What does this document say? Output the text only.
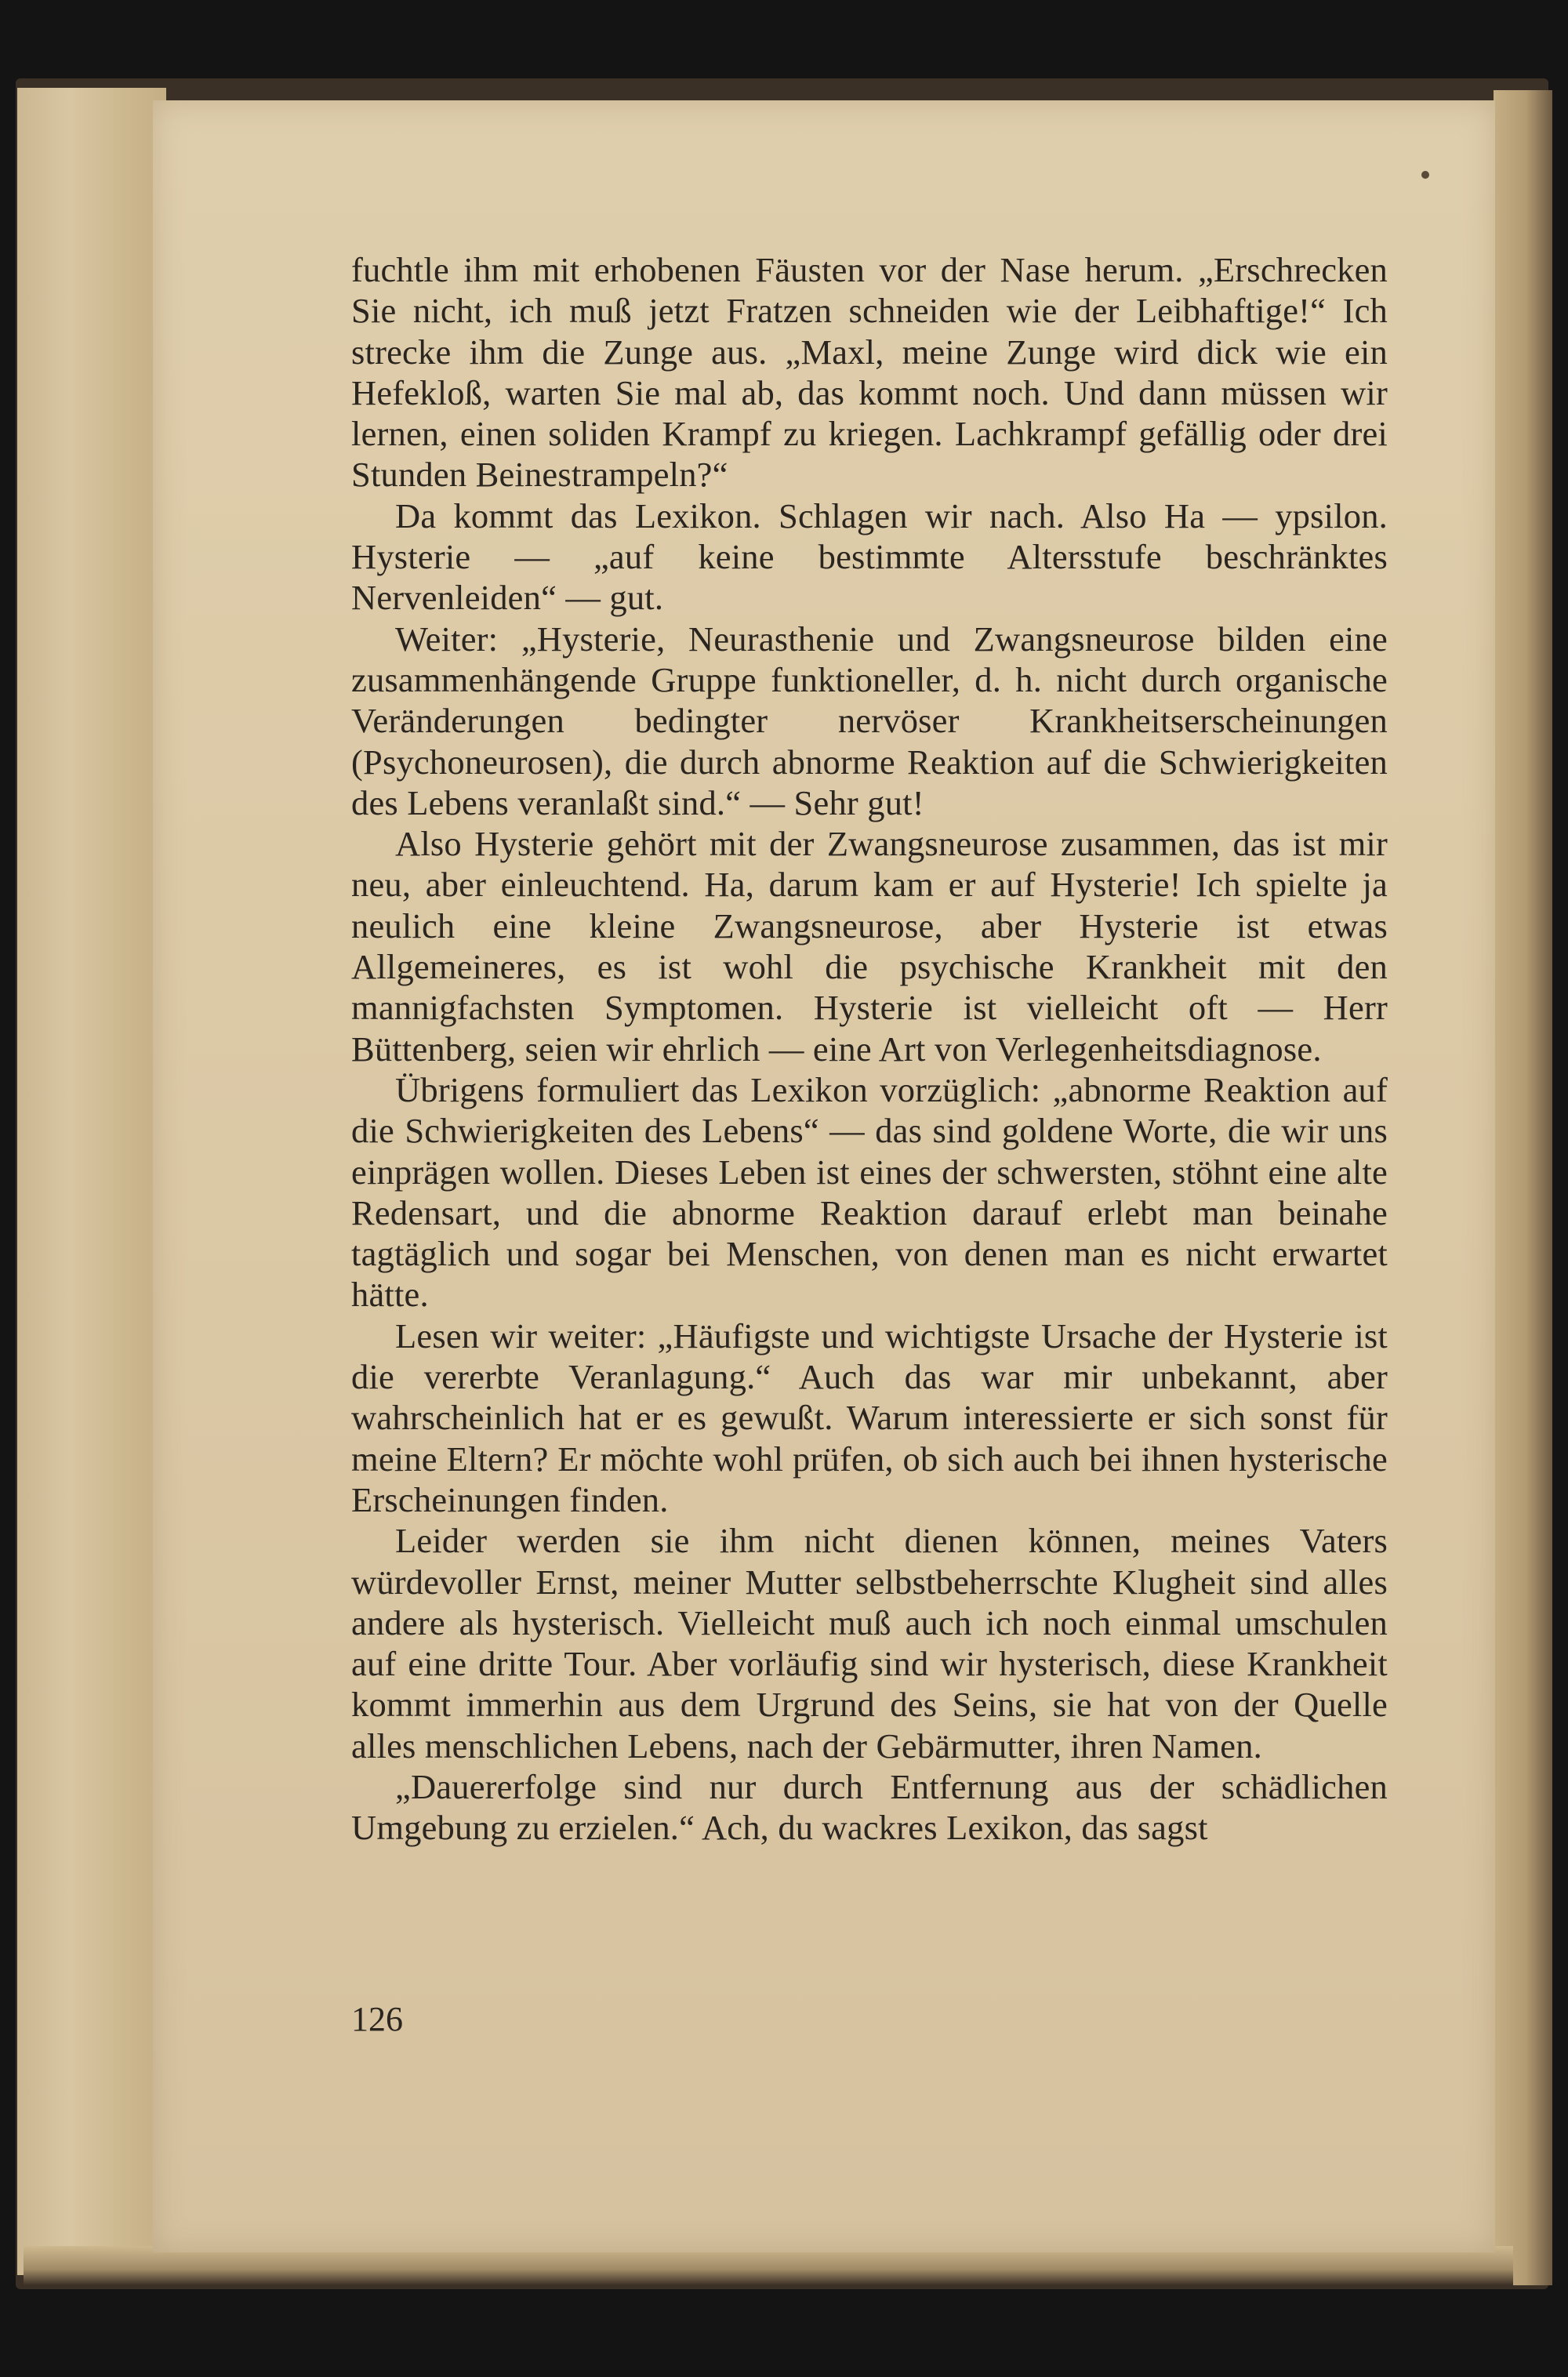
fuchtle ihm mit erhobenen Fäusten vor der Nase herum. „Erschrecken Sie nicht, ich muß jetzt Fratzen schneiden wie der Leibhaftige!“ Ich strecke ihm die Zunge aus. „Maxl, meine Zunge wird dick wie ein Hefekloß, warten Sie mal ab, das kommt noch. Und dann müssen wir lernen, einen soliden Krampf zu kriegen. Lachkrampf gefällig oder drei Stunden Beinestrampeln?“

Da kommt das Lexikon. Schlagen wir nach. Also Ha — ypsilon. Hysterie — „auf keine bestimmte Altersstufe beschränktes Nervenleiden“ — gut.

Weiter: „Hysterie, Neurasthenie und Zwangsneurose bilden eine zusammenhängende Gruppe funktioneller, d. h. nicht durch organische Veränderungen bedingter nervöser Krankheitserscheinungen (Psychoneurosen), die durch abnorme Reaktion auf die Schwierigkeiten des Lebens veranlaßt sind.“ — Sehr gut!

Also Hysterie gehört mit der Zwangsneurose zusammen, das ist mir neu, aber einleuchtend. Ha, darum kam er auf Hysterie! Ich spielte ja neulich eine kleine Zwangsneurose, aber Hysterie ist etwas Allgemeineres, es ist wohl die psychische Krankheit mit den mannigfachsten Symptomen. Hysterie ist vielleicht oft — Herr Büttenberg, seien wir ehrlich — eine Art von Verlegenheitsdiagnose.

Übrigens formuliert das Lexikon vorzüglich: „abnorme Reaktion auf die Schwierigkeiten des Lebens“ — das sind goldene Worte, die wir uns einprägen wollen. Dieses Leben ist eines der schwersten, stöhnt eine alte Redensart, und die abnorme Reaktion darauf erlebt man beinahe tagtäglich und sogar bei Menschen, von denen man es nicht erwartet hätte.

Lesen wir weiter: „Häufigste und wichtigste Ursache der Hysterie ist die vererbte Veranlagung.“ Auch das war mir unbekannt, aber wahrscheinlich hat er es gewußt. Warum interessierte er sich sonst für meine Eltern? Er möchte wohl prüfen, ob sich auch bei ihnen hysterische Erscheinungen finden.

Leider werden sie ihm nicht dienen können, meines Vaters würdevoller Ernst, meiner Mutter selbstbeherrschte Klugheit sind alles andere als hysterisch. Vielleicht muß auch ich noch einmal umschulen auf eine dritte Tour. Aber vorläufig sind wir hysterisch, diese Krankheit kommt immerhin aus dem Urgrund des Seins, sie hat von der Quelle alles menschlichen Lebens, nach der Gebärmutter, ihren Namen.

„Dauererfolge sind nur durch Entfernung aus der schädlichen Umgebung zu erzielen.“ Ach, du wackres Lexikon, das sagst

126
